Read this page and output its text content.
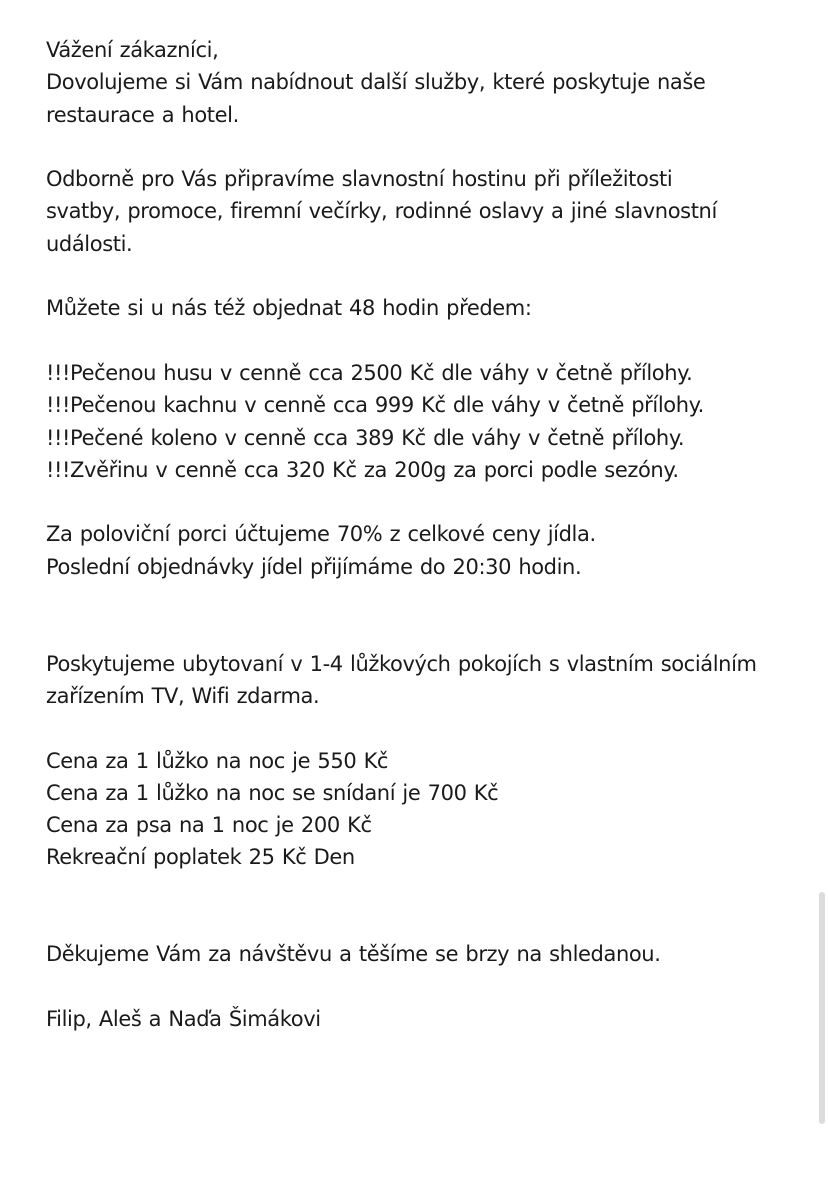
Vážení zákazníci,
Dovolujeme si Vám nabídnout další služby, které poskytuje naše
restaurace a hotel.
Odborně pro Vás připravíme slavnostní hostinu při příležitosti
svatby, promoce, firemní večírky, rodinné oslavy a jiné slavnostní
události.
Můžete si u nás též objednat 48 hodin předem:
!!!Pečenou husu v cenně cca 2500 Kč dle váhy v četně přílohy.
!!!Pečenou kachnu v cenně cca 999 Kč dle váhy v četně přílohy.
!!!Pečené koleno v cenně cca 389 Kč dle váhy v četně přílohy.
!!!Zvěřinu v cenně cca 320 Kč za 200g za porci podle sezóny.
Za poloviční porci účtujeme 70% z celkové ceny jídla.
Poslední objednávky jídel přijímáme do 20:30 hodin.
Poskytujeme ubytovaní v 1-4 lůžkových pokojích s vlastním sociálním
zařízením TV, Wifi zdarma.
Cena za 1 lůžko na noc je 550 Kč
Cena za 1 lůžko na noc se snídaní je 700 Kč
Cena za psa na 1 noc je 200 Kč
Rekreační poplatek 25 Kč Den
Děkujeme Vám za návštěvu a těšíme se brzy na shledanou.
Filip, Aleš a Naďa Šimákovi
